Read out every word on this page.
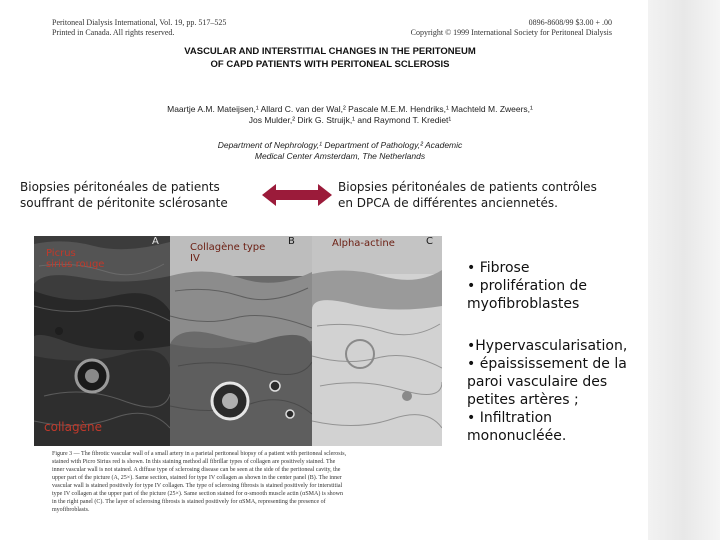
Peritoneal Dialysis International, Vol. 19, pp. 517–525
Printed in Canada. All rights reserved.
0896-8608/99 $3.00 + .00
Copyright © 1999 International Society for Peritoneal Dialysis
VASCULAR AND INTERSTITIAL CHANGES IN THE PERITONEUM
OF CAPD PATIENTS WITH PERITONEAL SCLEROSIS
Maartje A.M. Mateijsen,¹ Allard C. van der Wal,² Pascale M.E.M. Hendriks,¹ Machteld M. Zweers,¹
Jos Mulder,² Dirk G. Struijk,¹ and Raymond T. Krediet¹
Department of Nephrology,¹ Department of Pathology,² Academic
Medical Center Amsterdam, The Netherlands
Biopsies péritonéales de patients
souffrant de péritonite sclérosante
Biopsies péritonéales de patients contrôles
en DPCA de différentes anciennetés.
A
Picrus
sirius rouge
collagène
B
Collagène type
IV
C
Alpha-actine
Figure 3 — The fibrotic vascular wall of a small artery in a parietal peritoneal biopsy of a patient with peritoneal sclerosis,
stained with Picro Sirius red is shown. In this staining method all fibrillar types of collagen are positively stained. The
inner vascular wall is not stained. A diffuse type of sclerosing disease can be seen at the side of the peritoneal cavity, the
upper part of the picture (A, 25×). Same section, stained for type IV collagen as shown in the center panel (B). The inner
vascular wall is stained positively for type IV collagen. The type of sclerosing fibrosis is stained positively for interstitial
type IV collagen at the upper part of the picture (25×). Same section stained for α-smooth muscle actin (αSMA) is shown
in the right panel (C). The layer of sclerosing fibrosis is stained positively for αSMA, representing the presence of
myofibroblasts.
• Fibrose
• prolifération de
myofibroblastes
•Hypervascularisation,
• épaississement de la
paroi vasculaire des
petites artères ;
• Infiltration
mononucléée.
